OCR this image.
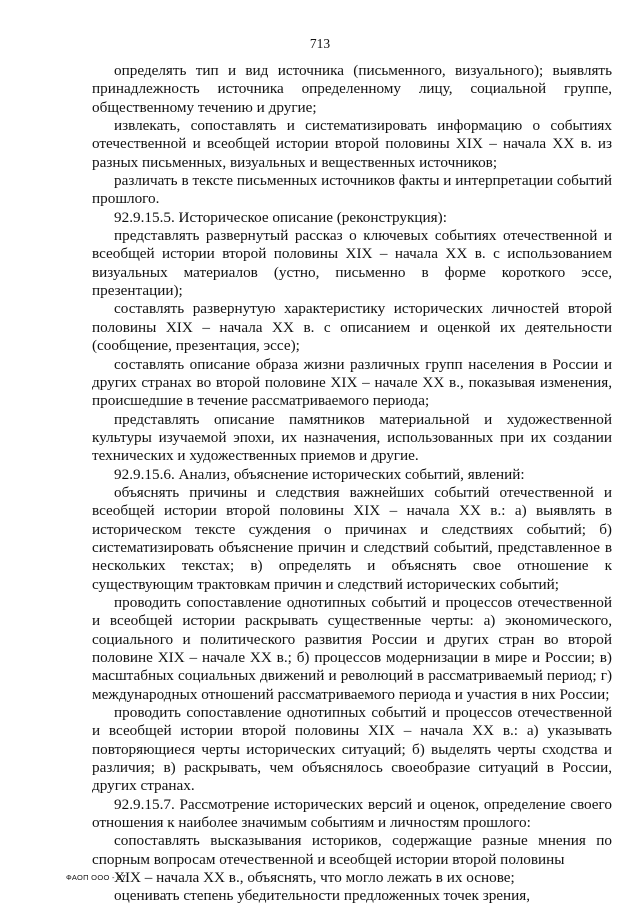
713

определять тип и вид источника (письменного, визуального); выявлять принадлежность источника определенному лицу, социальной группе, общественному течению и другие;

извлекать, сопоставлять и систематизировать информацию о событиях отечественной и всеобщей истории второй половины XIX – начала XX в. из разных письменных, визуальных и вещественных источников;

различать в тексте письменных источников факты и интерпретации событий прошлого.

92.9.15.5. Историческое описание (реконструкция):

представлять развернутый рассказ о ключевых событиях отечественной и всеобщей истории второй половины XIX – начала XX в. с использованием визуальных материалов (устно, письменно в форме короткого эссе, презентации);

составлять развернутую характеристику исторических личностей второй половины XIX – начала XX в. с описанием и оценкой их деятельности (сообщение, презентация, эссе);

составлять описание образа жизни различных групп населения в России и других странах во второй половине XIX – начале XX в., показывая изменения, происшедшие в течение рассматриваемого периода;

представлять описание памятников материальной и художественной культуры изучаемой эпохи, их назначения, использованных при их создании технических и художественных приемов и другие.

92.9.15.6. Анализ, объяснение исторических событий, явлений:

объяснять причины и следствия важнейших событий отечественной и всеобщей истории второй половины XIX – начала XX в.: а) выявлять в историческом тексте суждения о причинах и следствиях событий; б) систематизировать объяснение причин и следствий событий, представленное в нескольких текстах; в) определять и объяснять свое отношение к существующим трактовкам причин и следствий исторических событий;

проводить сопоставление однотипных событий и процессов отечественной и всеобщей истории раскрывать существенные черты: а) экономического, социального и политического развития России и других стран во второй половине XIX – начале XX в.; б) процессов модернизации в мире и России; в) масштабных социальных движений и революций в рассматриваемый период; г) международных отношений рассматриваемого периода и участия в них России;

проводить сопоставление однотипных событий и процессов отечественной и всеобщей истории второй половины XIX – начала XX в.: а) указывать повторяющиеся черты исторических ситуаций; б) выделять черты сходства и различия; в) раскрывать, чем объяснялось своеобразие ситуаций в России, других странах.

92.9.15.7. Рассмотрение исторических версий и оценок, определение своего отношения к наиболее значимым событиям и личностям прошлого:

сопоставлять высказывания историков, содержащие разные мнения по спорным вопросам отечественной и всеобщей истории второй половины

XIX – начала XX в., объяснять, что могло лежать в их основе;

оценивать степень убедительности предложенных точек зрения,

ФАОП ООО - 07
